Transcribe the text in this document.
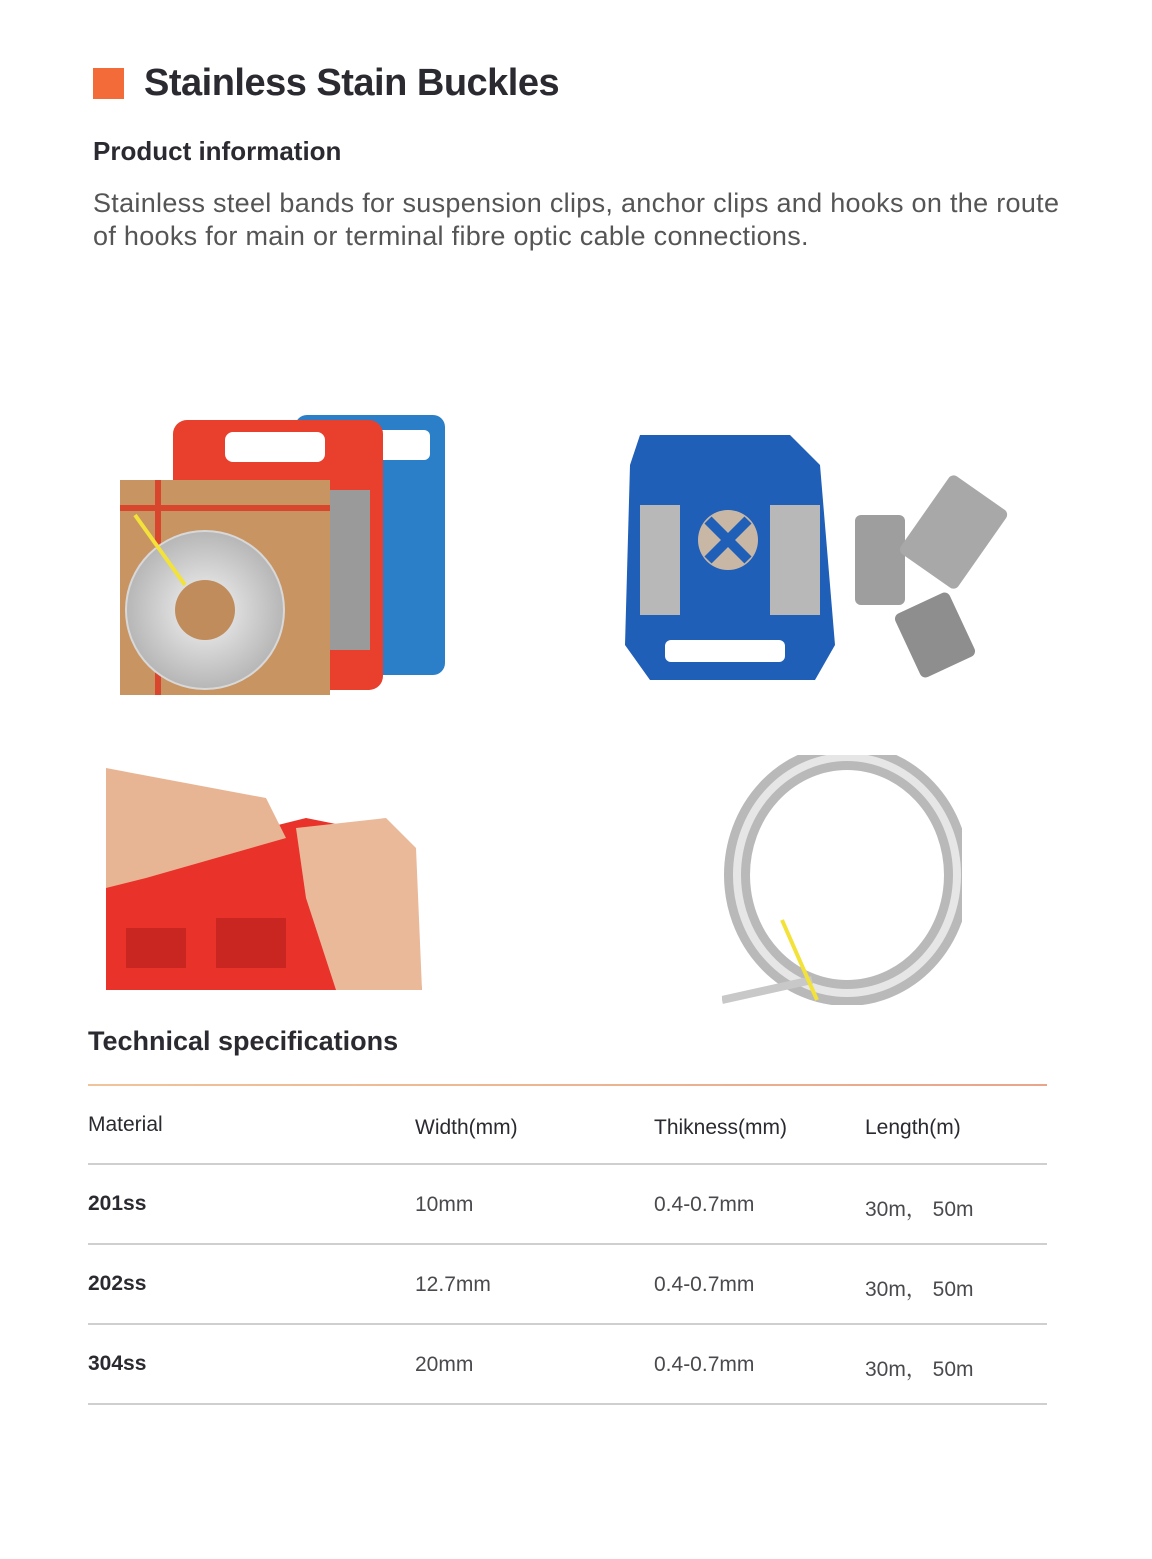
Stainless Stain Buckles
Product information
Stainless steel bands for suspension clips, anchor clips and hooks on the route of hooks for main or terminal fibre optic cable connections.
Technical specifications
Material	Width(mm)	Thikness(mm)	Length(m)
201ss	10mm	0.4-0.7mm	30m， 50m
202ss	12.7mm	0.4-0.7mm	30m， 50m
304ss	20mm	0.4-0.7mm	30m， 50m
